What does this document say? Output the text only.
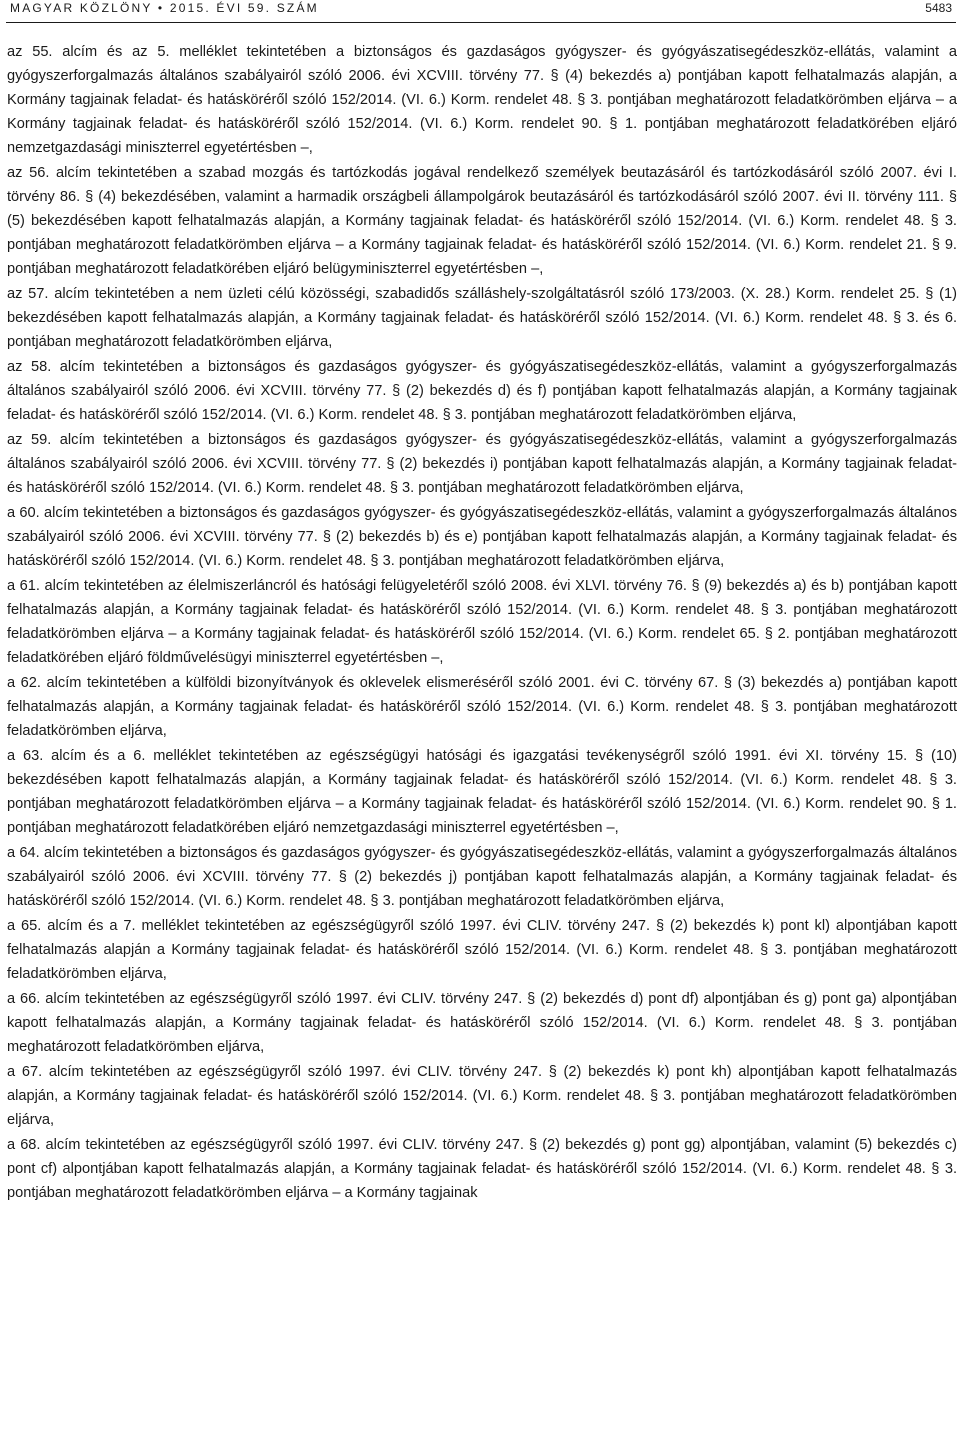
MAGYAR KÖZLÖNY • 2015. ÉVI 59. SZÁM	5483

az 55. alcím és az 5. melléklet tekintetében a biztonságos és gazdaságos gyógyszer- és gyógyászatisegédeszköz-ellátás, valamint a gyógyszerforgalmazás általános szabályairól szóló 2006. évi XCVIII. törvény 77. § (4) bekezdés a) pontjában kapott felhatalmazás alapján, a Kormány tagjainak feladat- és hatásköréről szóló 152/2014. (VI. 6.) Korm. rendelet 48. § 3. pontjában meghatározott feladatkörömben eljárva – a Kormány tagjainak feladat- és hatásköréről szóló 152/2014. (VI. 6.) Korm. rendelet 90. § 1. pontjában meghatározott feladatkörében eljáró nemzetgazdasági miniszterrel egyetértésben –,

az 56. alcím tekintetében a szabad mozgás és tartózkodás jogával rendelkező személyek beutazásáról és tartózkodásáról szóló 2007. évi I. törvény 86. § (4) bekezdésében, valamint a harmadik országbeli állampolgárok beutazásáról és tartózkodásáról szóló 2007. évi II. törvény 111. § (5) bekezdésében kapott felhatalmazás alapján, a Kormány tagjainak feladat- és hatásköréről szóló 152/2014. (VI. 6.) Korm. rendelet 48. § 3. pontjában meghatározott feladatkörömben eljárva – a Kormány tagjainak feladat- és hatásköréről szóló 152/2014. (VI. 6.) Korm. rendelet 21. § 9. pontjában meghatározott feladatkörében eljáró belügyminiszterrel egyetértésben –,

az 57. alcím tekintetében a nem üzleti célú közösségi, szabadidős szálláshely-szolgáltatásról szóló 173/2003. (X. 28.) Korm. rendelet 25. § (1) bekezdésében kapott felhatalmazás alapján, a Kormány tagjainak feladat- és hatásköréről szóló 152/2014. (VI. 6.) Korm. rendelet 48. § 3. és 6. pontjában meghatározott feladatkörömben eljárva,

az 58. alcím tekintetében a biztonságos és gazdaságos gyógyszer- és gyógyászatisegédeszköz-ellátás, valamint a gyógyszerforgalmazás általános szabályairól szóló 2006. évi XCVIII. törvény 77. § (2) bekezdés d) és f) pontjában kapott felhatalmazás alapján, a Kormány tagjainak feladat- és hatásköréről szóló 152/2014. (VI. 6.) Korm. rendelet 48. § 3. pontjában meghatározott feladatkörömben eljárva,

az 59. alcím tekintetében a biztonságos és gazdaságos gyógyszer- és gyógyászatisegédeszköz-ellátás, valamint a gyógyszerforgalmazás általános szabályairól szóló 2006. évi XCVIII. törvény 77. § (2) bekezdés i) pontjában kapott felhatalmazás alapján, a Kormány tagjainak feladat- és hatásköréről szóló 152/2014. (VI. 6.) Korm. rendelet 48. § 3. pontjában meghatározott feladatkörömben eljárva,

a 60. alcím tekintetében a biztonságos és gazdaságos gyógyszer- és gyógyászatisegédeszköz-ellátás, valamint a gyógyszerforgalmazás általános szabályairól szóló 2006. évi XCVIII. törvény 77. § (2) bekezdés b) és e) pontjában kapott felhatalmazás alapján, a Kormány tagjainak feladat- és hatásköréről szóló 152/2014. (VI. 6.) Korm. rendelet 48. § 3. pontjában meghatározott feladatkörömben eljárva,

a 61. alcím tekintetében az élelmiszerláncról és hatósági felügyeletéről szóló 2008. évi XLVI. törvény 76. § (9) bekezdés a) és b) pontjában kapott felhatalmazás alapján, a Kormány tagjainak feladat- és hatásköréről szóló 152/2014. (VI. 6.) Korm. rendelet 48. § 3. pontjában meghatározott feladatkörömben eljárva – a Kormány tagjainak feladat- és hatásköréről szóló 152/2014. (VI. 6.) Korm. rendelet 65. § 2. pontjában meghatározott feladatkörében eljáró földművelésügyi miniszterrel egyetértésben –,

a 62. alcím tekintetében a külföldi bizonyítványok és oklevelek elismeréséről szóló 2001. évi C. törvény 67. § (3) bekezdés a) pontjában kapott felhatalmazás alapján, a Kormány tagjainak feladat- és hatásköréről szóló 152/2014. (VI. 6.) Korm. rendelet 48. § 3. pontjában meghatározott feladatkörömben eljárva,

a 63. alcím és a 6. melléklet tekintetében az egészségügyi hatósági és igazgatási tevékenységről szóló 1991. évi XI. törvény 15. § (10) bekezdésében kapott felhatalmazás alapján, a Kormány tagjainak feladat- és hatásköréről szóló 152/2014. (VI. 6.) Korm. rendelet 48. § 3. pontjában meghatározott feladatkörömben eljárva – a Kormány tagjainak feladat- és hatásköréről szóló 152/2014. (VI. 6.) Korm. rendelet 90. § 1. pontjában meghatározott feladatkörében eljáró nemzetgazdasági miniszterrel egyetértésben –,

a 64. alcím tekintetében a biztonságos és gazdaságos gyógyszer- és gyógyászatisegédeszköz-ellátás, valamint a gyógyszerforgalmazás általános szabályairól szóló 2006. évi XCVIII. törvény 77. § (2) bekezdés j) pontjában kapott felhatalmazás alapján, a Kormány tagjainak feladat- és hatásköréről szóló 152/2014. (VI. 6.) Korm. rendelet 48. § 3. pontjában meghatározott feladatkörömben eljárva,

a 65. alcím és a 7. melléklet tekintetében az egészségügyről szóló 1997. évi CLIV. törvény 247. § (2) bekezdés k) pont kl) alpontjában kapott felhatalmazás alapján a Kormány tagjainak feladat- és hatásköréről szóló 152/2014. (VI. 6.) Korm. rendelet 48. § 3. pontjában meghatározott feladatkörömben eljárva,

a 66. alcím tekintetében az egészségügyről szóló 1997. évi CLIV. törvény 247. § (2) bekezdés d) pont df) alpontjában és g) pont ga) alpontjában kapott felhatalmazás alapján, a Kormány tagjainak feladat- és hatásköréről szóló 152/2014. (VI. 6.) Korm. rendelet 48. § 3. pontjában meghatározott feladatkörömben eljárva,

a 67. alcím tekintetében az egészségügyről szóló 1997. évi CLIV. törvény 247. § (2) bekezdés k) pont kh) alpontjában kapott felhatalmazás alapján, a Kormány tagjainak feladat- és hatásköréről szóló 152/2014. (VI. 6.) Korm. rendelet 48. § 3. pontjában meghatározott feladatkörömben eljárva,

a 68. alcím tekintetében az egészségügyről szóló 1997. évi CLIV. törvény 247. § (2) bekezdés g) pont gg) alpontjában, valamint (5) bekezdés c) pont cf) alpontjában kapott felhatalmazás alapján, a Kormány tagjainak feladat- és hatásköréről szóló 152/2014. (VI. 6.) Korm. rendelet 48. § 3. pontjában meghatározott feladatkörömben eljárva – a Kormány tagjainak
